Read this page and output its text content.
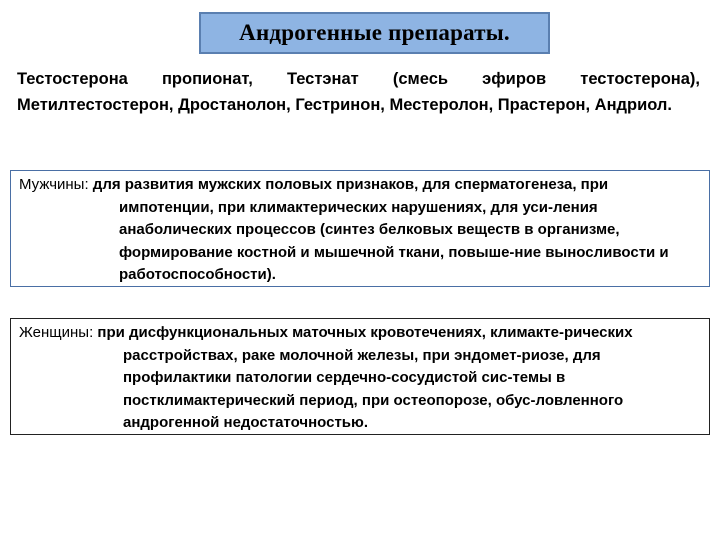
Андрогенные препараты.
Тестостерона пропионат, Тестэнат (смесь эфиров тестостерона), Метилтестостерон, Дростанолон, Гестринон, Местеролон, Прастерон, Андриол.
Мужчины: для развития мужских половых признаков, для сперматогенеза, при импотенции, при климактерических нарушениях, для уси-ления анаболических процессов (синтез белковых веществ в организме, формирование костной и мышечной ткани, повыше-ние выносливости и работоспособности).
Женщины: при дисфункциональных маточных кровотечениях, климакте-рических расстройствах, раке молочной железы, при эндомет-риозе, для профилактики патологии сердечно-сосудистой сис-темы в постклимактерический период, при остеопорозе, обус-ловленного андрогенной недостаточностью.
